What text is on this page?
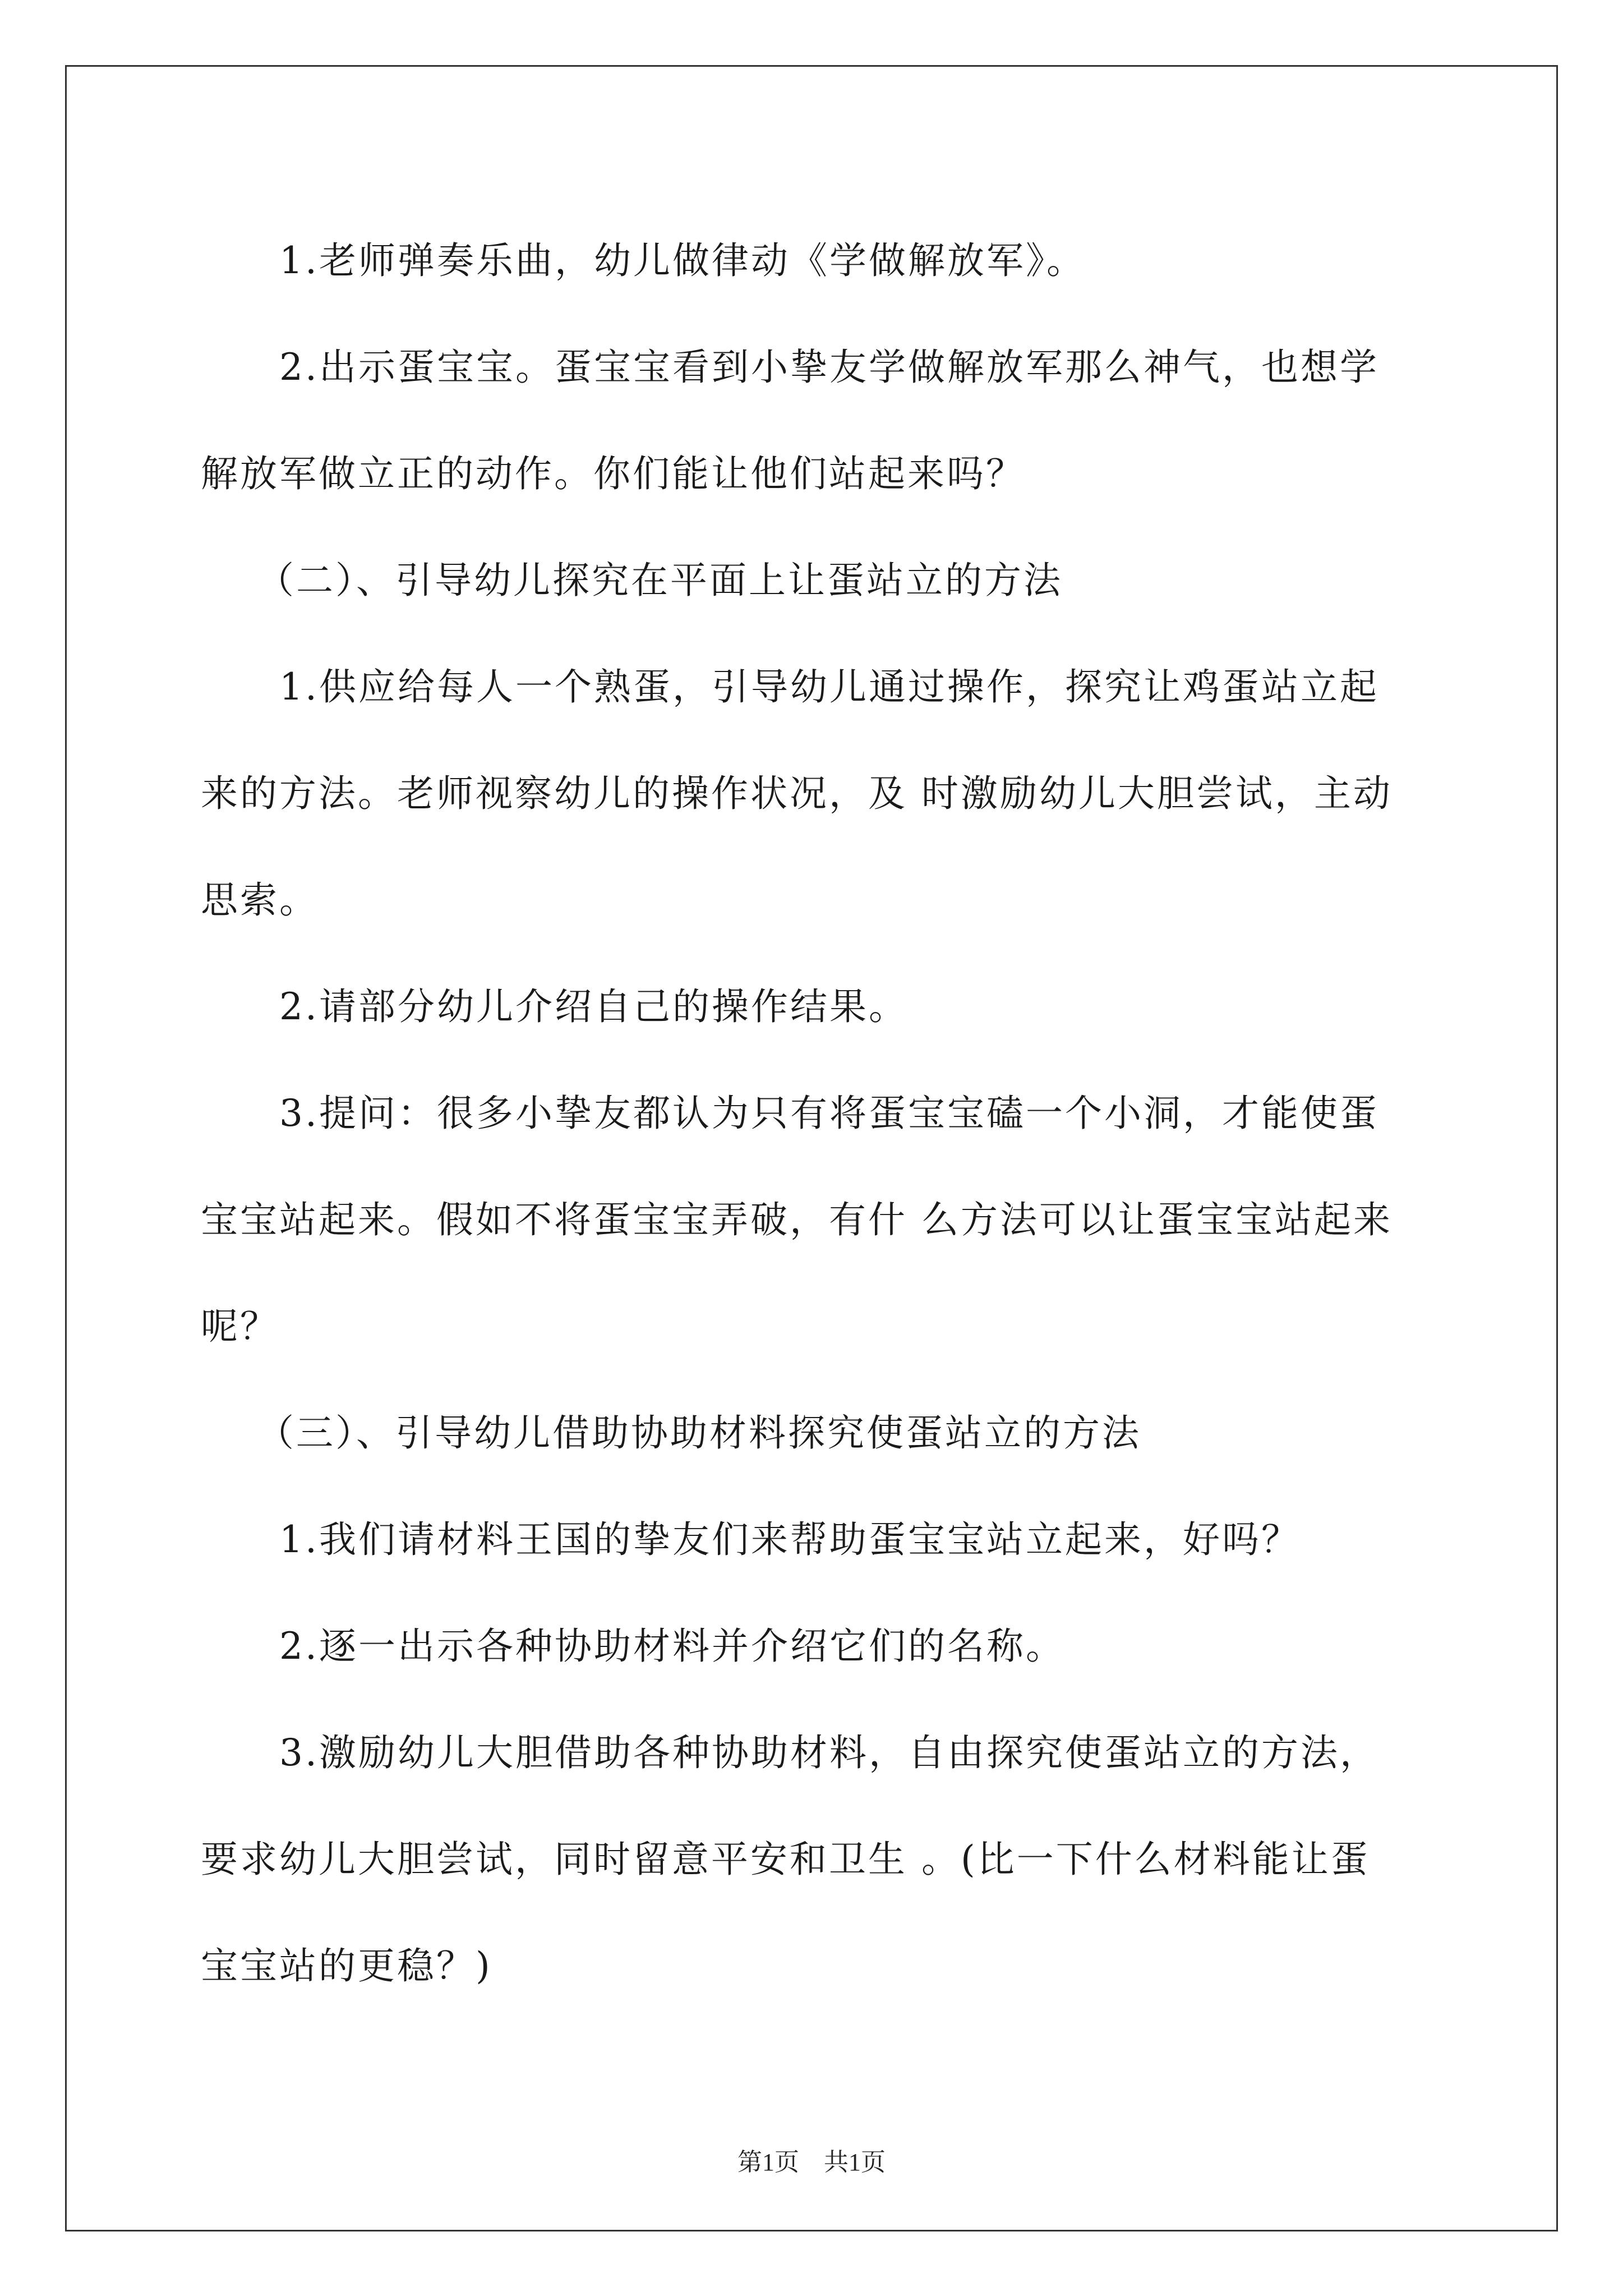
1.老师弹奏乐曲，幼儿做律动《学做解放军》。

2.出示蛋宝宝。蛋宝宝看到小挚友学做解放军那么神气，也想学
解放军做立正的动作。你们能让他们站起来吗？

（二）、引导幼儿探究在平面上让蛋站立的方法

1.供应给每人一个熟蛋，引导幼儿通过操作，探究让鸡蛋站立起
来的方法。老师视察幼儿的操作状况，及 时激励幼儿大胆尝试，主动
思索。

2.请部分幼儿介绍自己的操作结果。

3.提问：很多小挚友都认为只有将蛋宝宝磕一个小洞，才能使蛋
宝宝站起来。假如不将蛋宝宝弄破，有什 么方法可以让蛋宝宝站起来
呢？

（三）、引导幼儿借助协助材料探究使蛋站立的方法

1.我们请材料王国的挚友们来帮助蛋宝宝站立起来，好吗？

2.逐一出示各种协助材料并介绍它们的名称。

3.激励幼儿大胆借助各种协助材料，自由探究使蛋站立的方法，
要求幼儿大胆尝试，同时留意平安和卫生 。(比一下什么材料能让蛋
宝宝站的更稳？)

第1页　共1页
